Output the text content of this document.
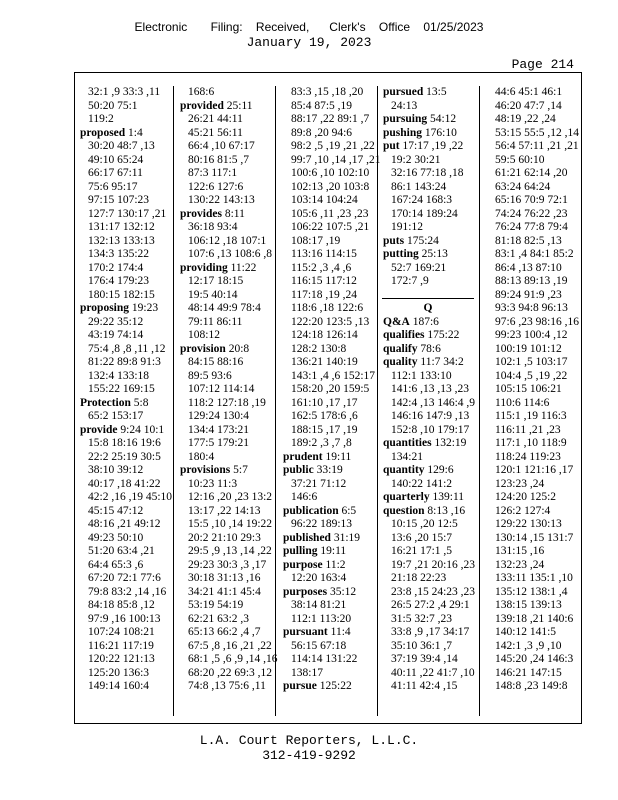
Electronic       Filing:    Received,      Clerk's    Office    01/25/2023
January 19, 2023
Page 214
32:1 ,9 33:3 ,11
50:20 75:1
119:2
proposed 1:4
30:20 48:7 ,13
49:10 65:24
66:17 67:11
75:6 95:17
97:15 107:23
127:7 130:17 ,21
131:17 132:12
132:13 133:13
134:3 135:22
170:2 174:4
176:4 179:23
180:15 182:15
proposing 19:23
29:22 35:12
43:19 74:14
75:4 ,8 ,8 ,11 ,12
81:22 89:8 91:3
132:4 133:18
155:22 169:15
Protection 5:8
65:2 153:17
provide 9:24 10:1
15:8 18:16 19:6
22:2 25:19 30:5
38:10 39:12
40:17 ,18 41:22
42:2 ,16 ,19 45:10
45:15 47:12
48:16 ,21 49:12
49:23 50:10
51:20 63:4 ,21
64:4 65:3 ,6
67:20 72:1 77:6
79:8 83:2 ,14 ,16
84:18 85:8 ,12
97:9 ,16 100:13
107:24 108:21
116:21 117:19
120:22 121:13
125:20 136:3
149:14 160:4
168:6
provided 25:11
26:21 44:11
45:21 56:11
66:4 ,10 67:17
80:16 81:5 ,7
87:3 117:1
122:6 127:6
130:22 143:13
provides 8:11
36:18 93:4
106:12 ,18 107:1
107:6 ,13 108:6 ,8
providing 11:22
12:17 18:15
19:5 40:14
48:14 49:9 78:4
79:11 86:11
108:12
provision 20:8
84:15 88:16
89:5 93:6
107:12 114:14
118:2 127:18 ,19
129:24 130:4
134:4 173:21
177:5 179:21
180:4
provisions 5:7
10:23 11:3
12:16 ,20 ,23 13:2
13:17 ,22 14:13
15:5 ,10 ,14 19:22
20:2 21:10 29:3
29:5 ,9 ,13 ,14 ,22
29:23 30:3 ,3 ,17
30:18 31:13 ,16
34:21 41:1 45:4
53:19 54:19
62:21 63:2 ,3
65:13 66:2 ,4 ,7
67:5 ,8 ,16 ,21 ,22
68:1 ,5 ,6 ,9 ,14 ,16
68:20 ,22 69:3 ,12
74:8 ,13 75:6 ,11
83:3 ,15 ,18 ,20
85:4 87:5 ,19
88:17 ,22 89:1 ,7
89:8 ,20 94:6
98:2 ,5 ,19 ,21 ,22
99:7 ,10 ,14 ,17 ,21
100:6 ,10 102:10
102:13 ,20 103:8
103:14 104:24
105:6 ,11 ,23 ,23
106:22 107:5 ,21
108:17 ,19
113:16 114:15
115:2 ,3 ,4 ,6
116:15 117:12
117:18 ,19 ,24
118:6 ,18 122:6
122:20 123:5 ,13
124:18 126:14
128:2 130:8
136:21 140:19
143:1 ,4 ,6 152:17
158:20 ,20 159:5
161:10 ,17 ,17
162:5 178:6 ,6
188:15 ,17 ,19
189:2 ,3 ,7 ,8
prudent 19:11
public 33:19
37:21 71:12
146:6
publication 6:5
96:22 189:13
published 31:19
pulling 19:11
purpose 11:2
12:20 163:4
purposes 35:12
38:14 81:21
112:1 113:20
pursuant 11:4
56:15 67:18
114:14 131:22
138:17
pursue 125:22
pursued 13:5
24:13
pursuing 54:12
pushing 176:10
put 17:17 ,19 ,22
19:2 30:21
32:16 77:18 ,18
86:1 143:24
167:24 168:3
170:14 189:24
191:12
puts 175:24
putting 25:13
52:7 169:21
172:7 ,9
Q
Q&A 187:6
qualifies 175:22
qualify 78:6
quality 11:7 34:2
112:1 133:10
141:6 ,13 ,13 ,23
142:4 ,13 146:4 ,9
146:16 147:9 ,13
152:8 ,10 179:17
quantities 132:19
134:21
quantity 129:6
140:22 141:2
quarterly 139:11
question 8:13 ,16
10:15 ,20 12:5
13:6 ,20 15:7
16:21 17:1 ,5
19:7 ,21 20:16 ,23
21:18 22:23
23:8 ,15 24:23 ,23
26:5 27:2 ,4 29:1
31:5 32:7 ,23
33:8 ,9 ,17 34:17
35:10 36:1 ,7
37:19 39:4 ,14
40:11 ,22 41:7 ,10
41:11 42:4 ,15
44:6 45:1 46:1
46:20 47:7 ,14
48:19 ,22 ,24
53:15 55:5 ,12 ,14
56:4 57:11 ,21 ,21
59:5 60:10
61:21 62:14 ,20
63:24 64:24
65:16 70:9 72:1
74:24 76:22 ,23
76:24 77:8 79:4
81:18 82:5 ,13
83:1 ,4 84:1 85:2
86:4 ,13 87:10
88:13 89:13 ,19
89:24 91:9 ,23
93:3 94:8 96:13
97:6 ,23 98:16 ,16
99:23 100:4 ,12
100:19 101:12
102:1 ,5 103:17
104:4 ,5 ,19 ,22
105:15 106:21
110:6 114:6
115:1 ,19 116:3
116:11 ,21 ,23
117:1 ,10 118:9
118:24 119:23
120:1 121:16 ,17
123:23 ,24
124:20 125:2
126:2 127:4
129:22 130:13
130:14 ,15 131:7
131:15 ,16
132:23 ,24
133:11 135:1 ,10
135:12 138:1 ,4
138:15 139:13
139:18 ,21 140:6
140:12 141:5
142:1 ,3 ,9 ,10
145:20 ,24 146:3
146:21 147:15
148:8 ,23 149:8
L.A. Court Reporters, L.L.C.
312-419-9292
